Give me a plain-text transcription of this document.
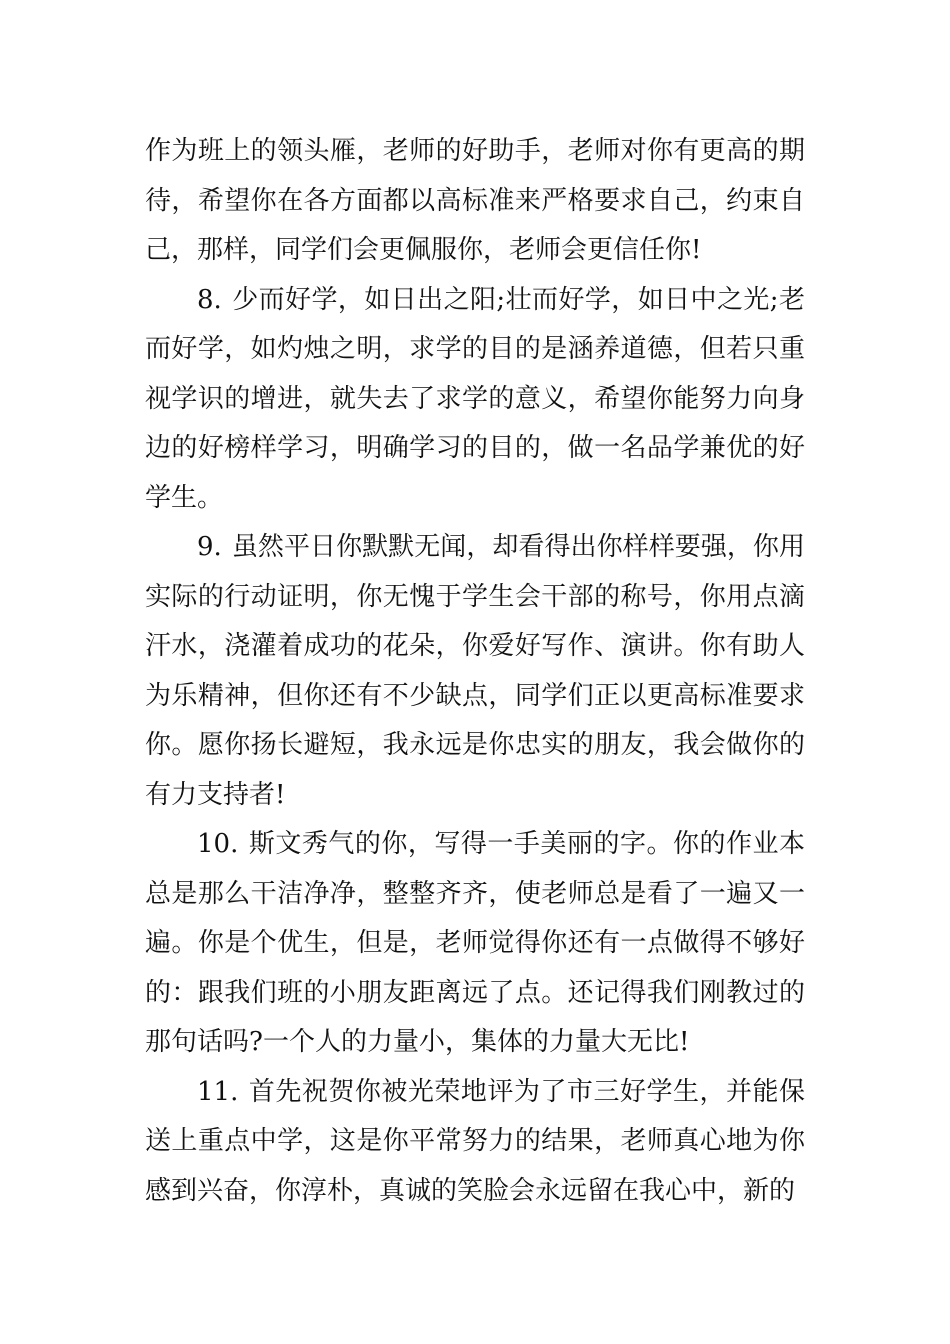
作为班上的领头雁，老师的好助手，老师对你有更高的期待，希望你在各方面都以高标准来严格要求自己，约束自己，那样，同学们会更佩服你，老师会更信任你!

8. 少而好学，如日出之阳;壮而好学，如日中之光;老而好学，如灼烛之明，求学的目的是涵养道德，但若只重视学识的增进，就失去了求学的意义，希望你能努力向身边的好榜样学习，明确学习的目的，做一名品学兼优的好学生。

9. 虽然平日你默默无闻，却看得出你样样要强，你用实际的行动证明，你无愧于学生会干部的称号，你用点滴汗水，浇灌着成功的花朵，你爱好写作、演讲。你有助人为乐精神，但你还有不少缺点，同学们正以更高标准要求你。愿你扬长避短，我永远是你忠实的朋友，我会做你的有力支持者!

10. 斯文秀气的你，写得一手美丽的字。你的作业本总是那么干洁净净，整整齐齐，使老师总是看了一遍又一遍。你是个优生，但是，老师觉得你还有一点做得不够好的：跟我们班的小朋友距离远了点。还记得我们刚教过的那句话吗?一个人的力量小，集体的力量大无比!

11. 首先祝贺你被光荣地评为了市三好学生，并能保送上重点中学，这是你平常努力的结果，老师真心地为你感到兴奋，你淳朴，真诚的笑脸会永远留在我心中，新的
